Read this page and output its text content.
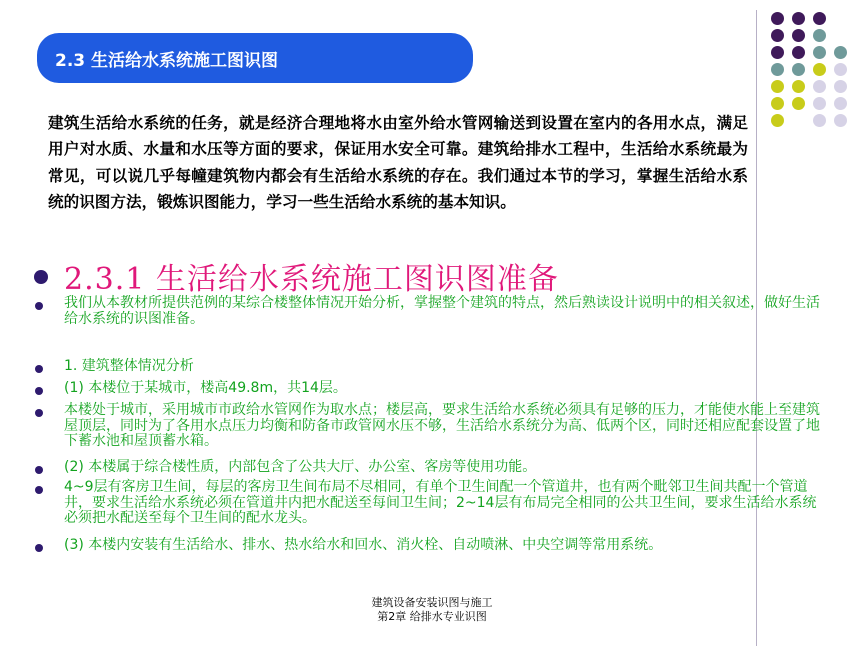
2.3 生活给水系统施工图识图
建筑生活给水系统的任务，就是经济合理地将水由室外给水管网输送到设置在室内的各用水点，满足用户对水质、水量和水压等方面的要求，保证用水安全可靠。建筑给排水工程中，生活给水系统最为常见，可以说几乎每幢建筑物内都会有生活给水系统的存在。我们通过本节的学习，掌握生活给水系统的识图方法，锻炼识图能力，学习一些生活给水系统的基本知识。
2.3.1 生活给水系统施工图识图准备
我们从本教材所提供范例的某综合楼整体情况开始分析，掌握整个建筑的特点，然后熟读设计说明中的相关叙述，做好生活给水系统的识图准备。
1. 建筑整体情况分析
(1) 本楼位于某城市，楼高49.8m，共14层。
本楼处于城市，采用城市市政给水管网作为取水点；楼层高，要求生活给水系统必须具有足够的压力，才能使水能上至建筑屋顶层，同时为了各用水点压力均衡和防备市政管网水压不够，生活给水系统分为高、低两个区，同时还相应配套设置了地下蓄水池和屋顶蓄水箱。
(2) 本楼属于综合楼性质，内部包含了公共大厅、办公室、客房等使用功能。
4~9层有客房卫生间，每层的客房卫生间布局不尽相同，有单个卫生间配一个管道井，也有两个毗邻卫生间共配一个管道井，要求生活给水系统必须在管道井内把水配送至每间卫生间；2~14层有布局完全相同的公共卫生间，要求生活给水系统必须把水配送至每个卫生间的配水龙头。
(3) 本楼内安装有生活给水、排水、热水给水和回水、消火栓、自动喷淋、中央空调等常用系统。
建筑设备安装识图与施工
第2章 给排水专业识图
